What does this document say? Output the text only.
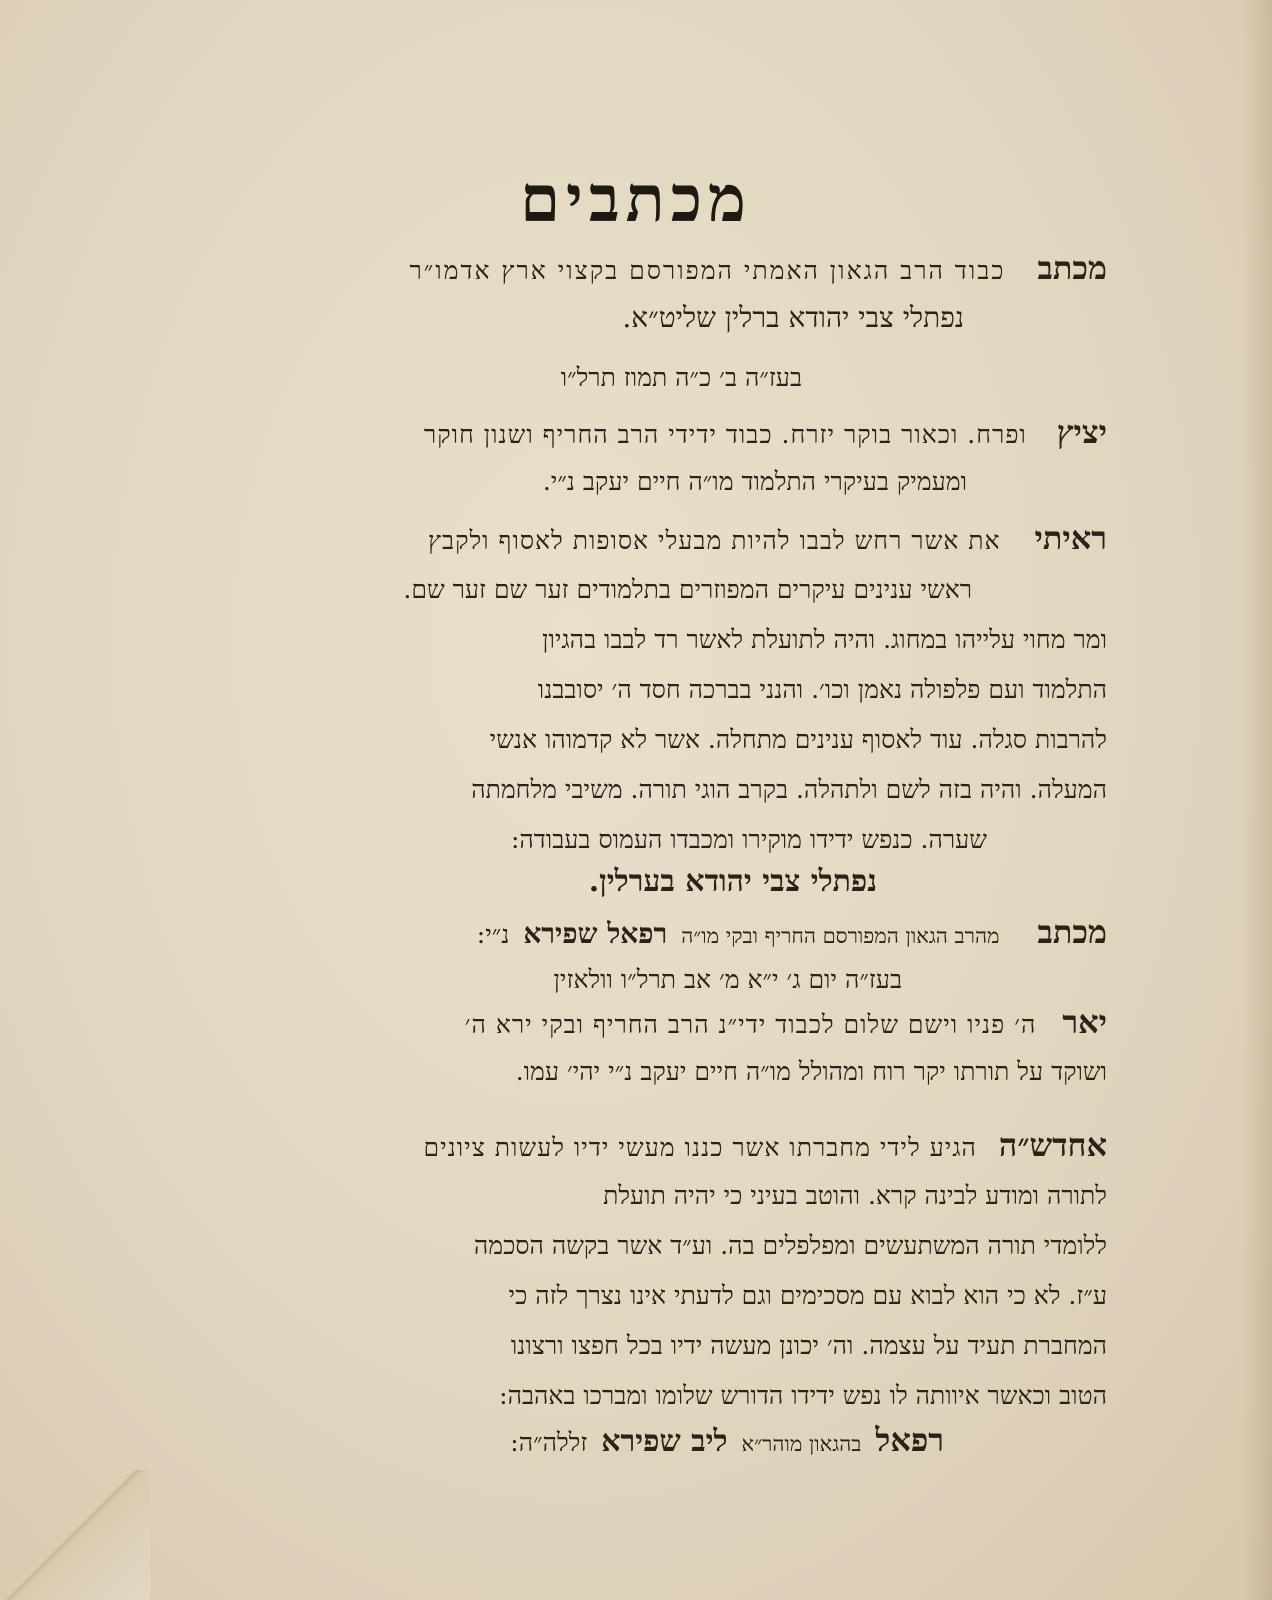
מכתבים
מכתב כבוד הרב הגאון האמתי המפורסם בקצוי ארץ אדמו״ר
נפתלי צבי יהודא ברלין שליט״א.
בעז״ה ב׳ כ״ה תמוז תרל״ו
יציץ ופרח. וכאור בוקר יזרח. כבוד ידידי הרב החריף ושנון חוקר
ומעמיק בעיקרי התלמוד מו״ה חיים יעקב נ״י.
ראיתי את אשר רחש לבבו להיות מבעלי אסופות לאסוף ולקבץ
ראשי ענינים עיקרים המפוזרים בתלמודים זער שם זער שם.
ומר מחוי עלייהו במחוג. והיה לתועלת לאשר רד לבבו בהגיון
התלמוד ועם פלפולה נאמן וכו׳. והנני בברכה חסד ה׳ יסובבנו
להרבות סגלה. עוד לאסוף ענינים מתחלה. אשר לא קדמוהו אנשי
המעלה. והיה בזה לשם ולתהלה. בקרב הוגי תורה. משיבי מלחמתה
שערה. כנפש ידידו מוקירו ומכבדו העמוס בעבודה:
נפתלי צבי יהודא בערלין.
מכתב מהרב הגאון המפורסם החריף ובקי מו״ה רפאל שפירא נ״י:
בעז״ה יום ג׳ י״א מ׳ אב תרל״ו וולאזין
יאר ה׳ פניו וישם שלום לכבוד ידי״נ הרב החריף ובקי ירא ה׳
ושוקד על תורתו יקר רוח ומהולל מו״ה חיים יעקב נ״י יהי׳ עמו.
אחדש״ה הגיע לידי מחברתו אשר כננו מעשי ידיו לעשות ציונים
לתורה ומודע לבינה קרא. והוטב בעיני כי יהיה תועלת
ללומדי תורה המשתעשים ומפלפלים בה. וע״ד אשר בקשה הסכמה
ע״ז. לא כי הוא לבוא עם מסכימים וגם לדעתי אינו נצרך לזה כי
המחברת תעיד על עצמה. וה׳ יכונן מעשה ידיו בכל חפצו ורצונו
הטוב וכאשר איוותה לו נפש ידידו הדורש שלומו ומברכו באהבה:
רפאל בהגאון מוהר״א ליב שפירא זללה״ה:
